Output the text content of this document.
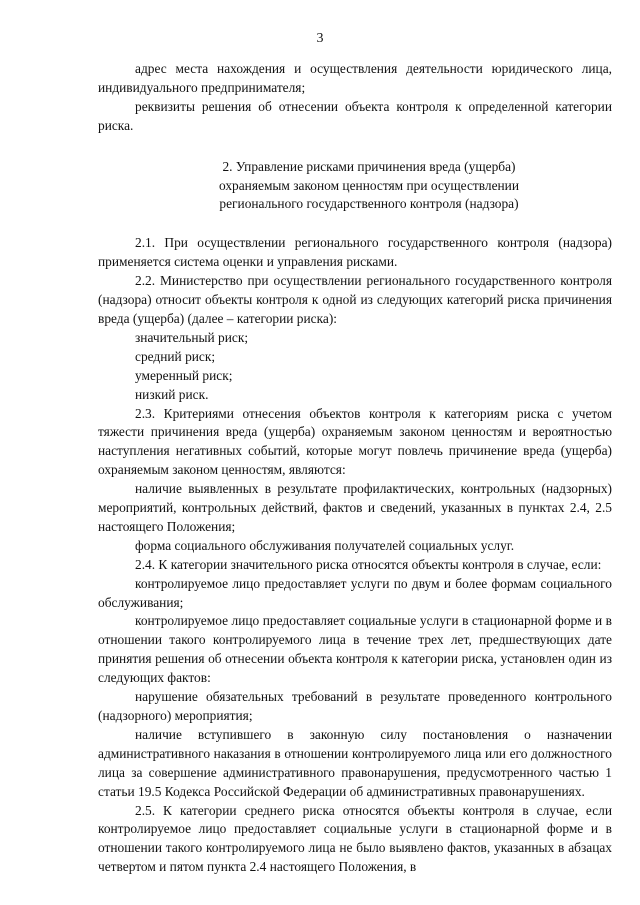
3

адрес места нахождения и осуществления деятельности юридического лица, индивидуального предпринимателя;

реквизиты решения об отнесении объекта контроля к определенной категории риска.

2. Управление рисками причинения вреда (ущерба)
охраняемым законом ценностям при осуществлении
регионального государственного контроля (надзора)

2.1. При осуществлении регионального государственного контроля (надзора) применяется система оценки и управления рисками.

2.2. Министерство при осуществлении регионального государственного контроля (надзора) относит объекты контроля к одной из следующих категорий риска причинения вреда (ущерба) (далее – категории риска):

значительный риск;

средний риск;

умеренный риск;

низкий риск.

2.3. Критериями отнесения объектов контроля к категориям риска с учетом тяжести причинения вреда (ущерба) охраняемым законом ценностям и вероятностью наступления негативных событий, которые могут повлечь причинение вреда (ущерба) охраняемым законом ценностям, являются:

наличие выявленных в результате профилактических, контрольных (надзорных) мероприятий, контрольных действий, фактов и сведений, указанных в пунктах 2.4, 2.5 настоящего Положения;

форма социального обслуживания получателей социальных услуг.

2.4. К категории значительного риска относятся объекты контроля в случае, если:

контролируемое лицо предоставляет услуги по двум и более формам социального обслуживания;

контролируемое лицо предоставляет социальные услуги в стационарной форме и в отношении такого контролируемого лица в течение трех лет, предшествующих дате принятия решения об отнесении объекта контроля к категории риска, установлен один из следующих фактов:

нарушение обязательных требований в результате проведенного контрольного (надзорного) мероприятия;

наличие вступившего в законную силу постановления о назначении административного наказания в отношении контролируемого лица или его должностного лица за совершение административного правонарушения, предусмотренного частью 1 статьи 19.5 Кодекса Российской Федерации об административных правонарушениях.

2.5. К категории среднего риска относятся объекты контроля в случае, если контролируемое лицо предоставляет социальные услуги в стационарной форме и в отношении такого контролируемого лица не было выявлено фактов, указанных в абзацах четвертом и пятом пункта 2.4 настоящего Положения, в
